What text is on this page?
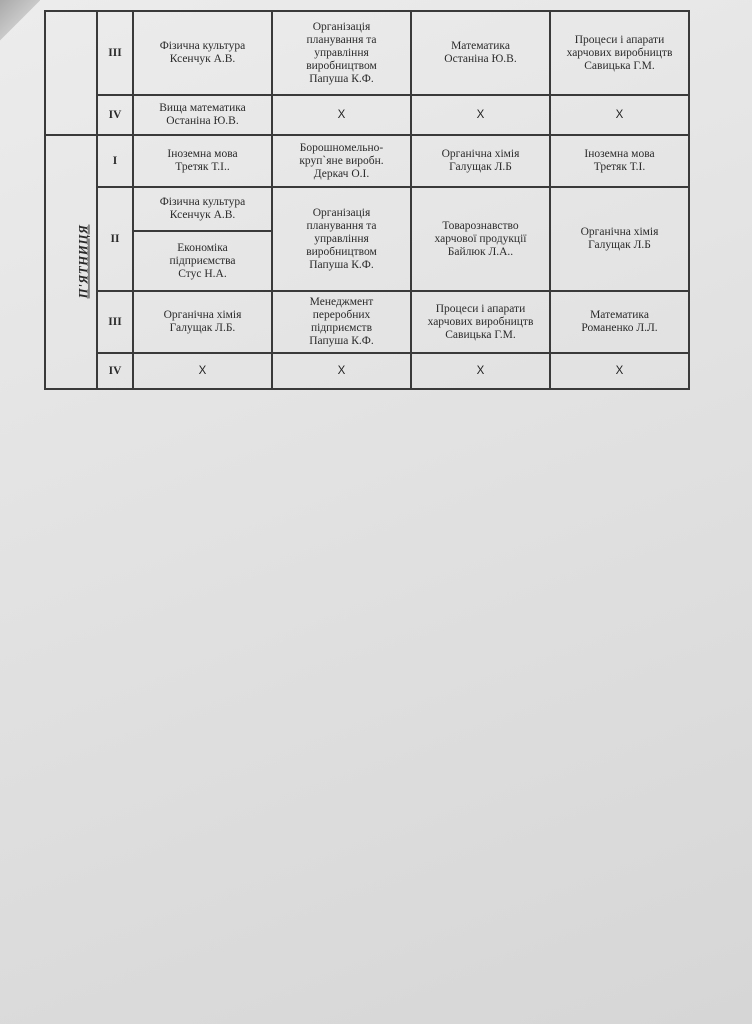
	III	Фізична культура
Ксенчук А.В.	Організація
планування та
управління
виробництвом
Папуша К.Ф.	Математика
Останіна Ю.В.	Процеси і апарати
харчових виробництв
Савицька Г.М.

	IV	Вища математика
Останіна Ю.В.	X	X	X
П'ЯТНИЦЯ	I	Іноземна мова
Третяк Т.І..	Борошномельно-
круп`яне виробн.
Деркач О.І.	Органічна хімія
Галущак Л.Б	Іноземна мова
Третяк Т.І.

	II	Фізична культура
Ксенчук А.В.	Організація
планування та
управління
виробництвом
Папуша К.Ф.	Товарознавство
харчової продукції
Байлюк Л.А..	Органічна хімія
Галущак Л.Б

		Економіка
підприємства
Стус Н.А.			

	III	Органічна хімія
Галущак Л.Б.	Менеджмент
переробних
підприємств
Папуша К.Ф.	Процеси і апарати
харчових виробництв
Савицька Г.М.	Математика
Романенко Л.Л.

	IV	X	X	X	X
